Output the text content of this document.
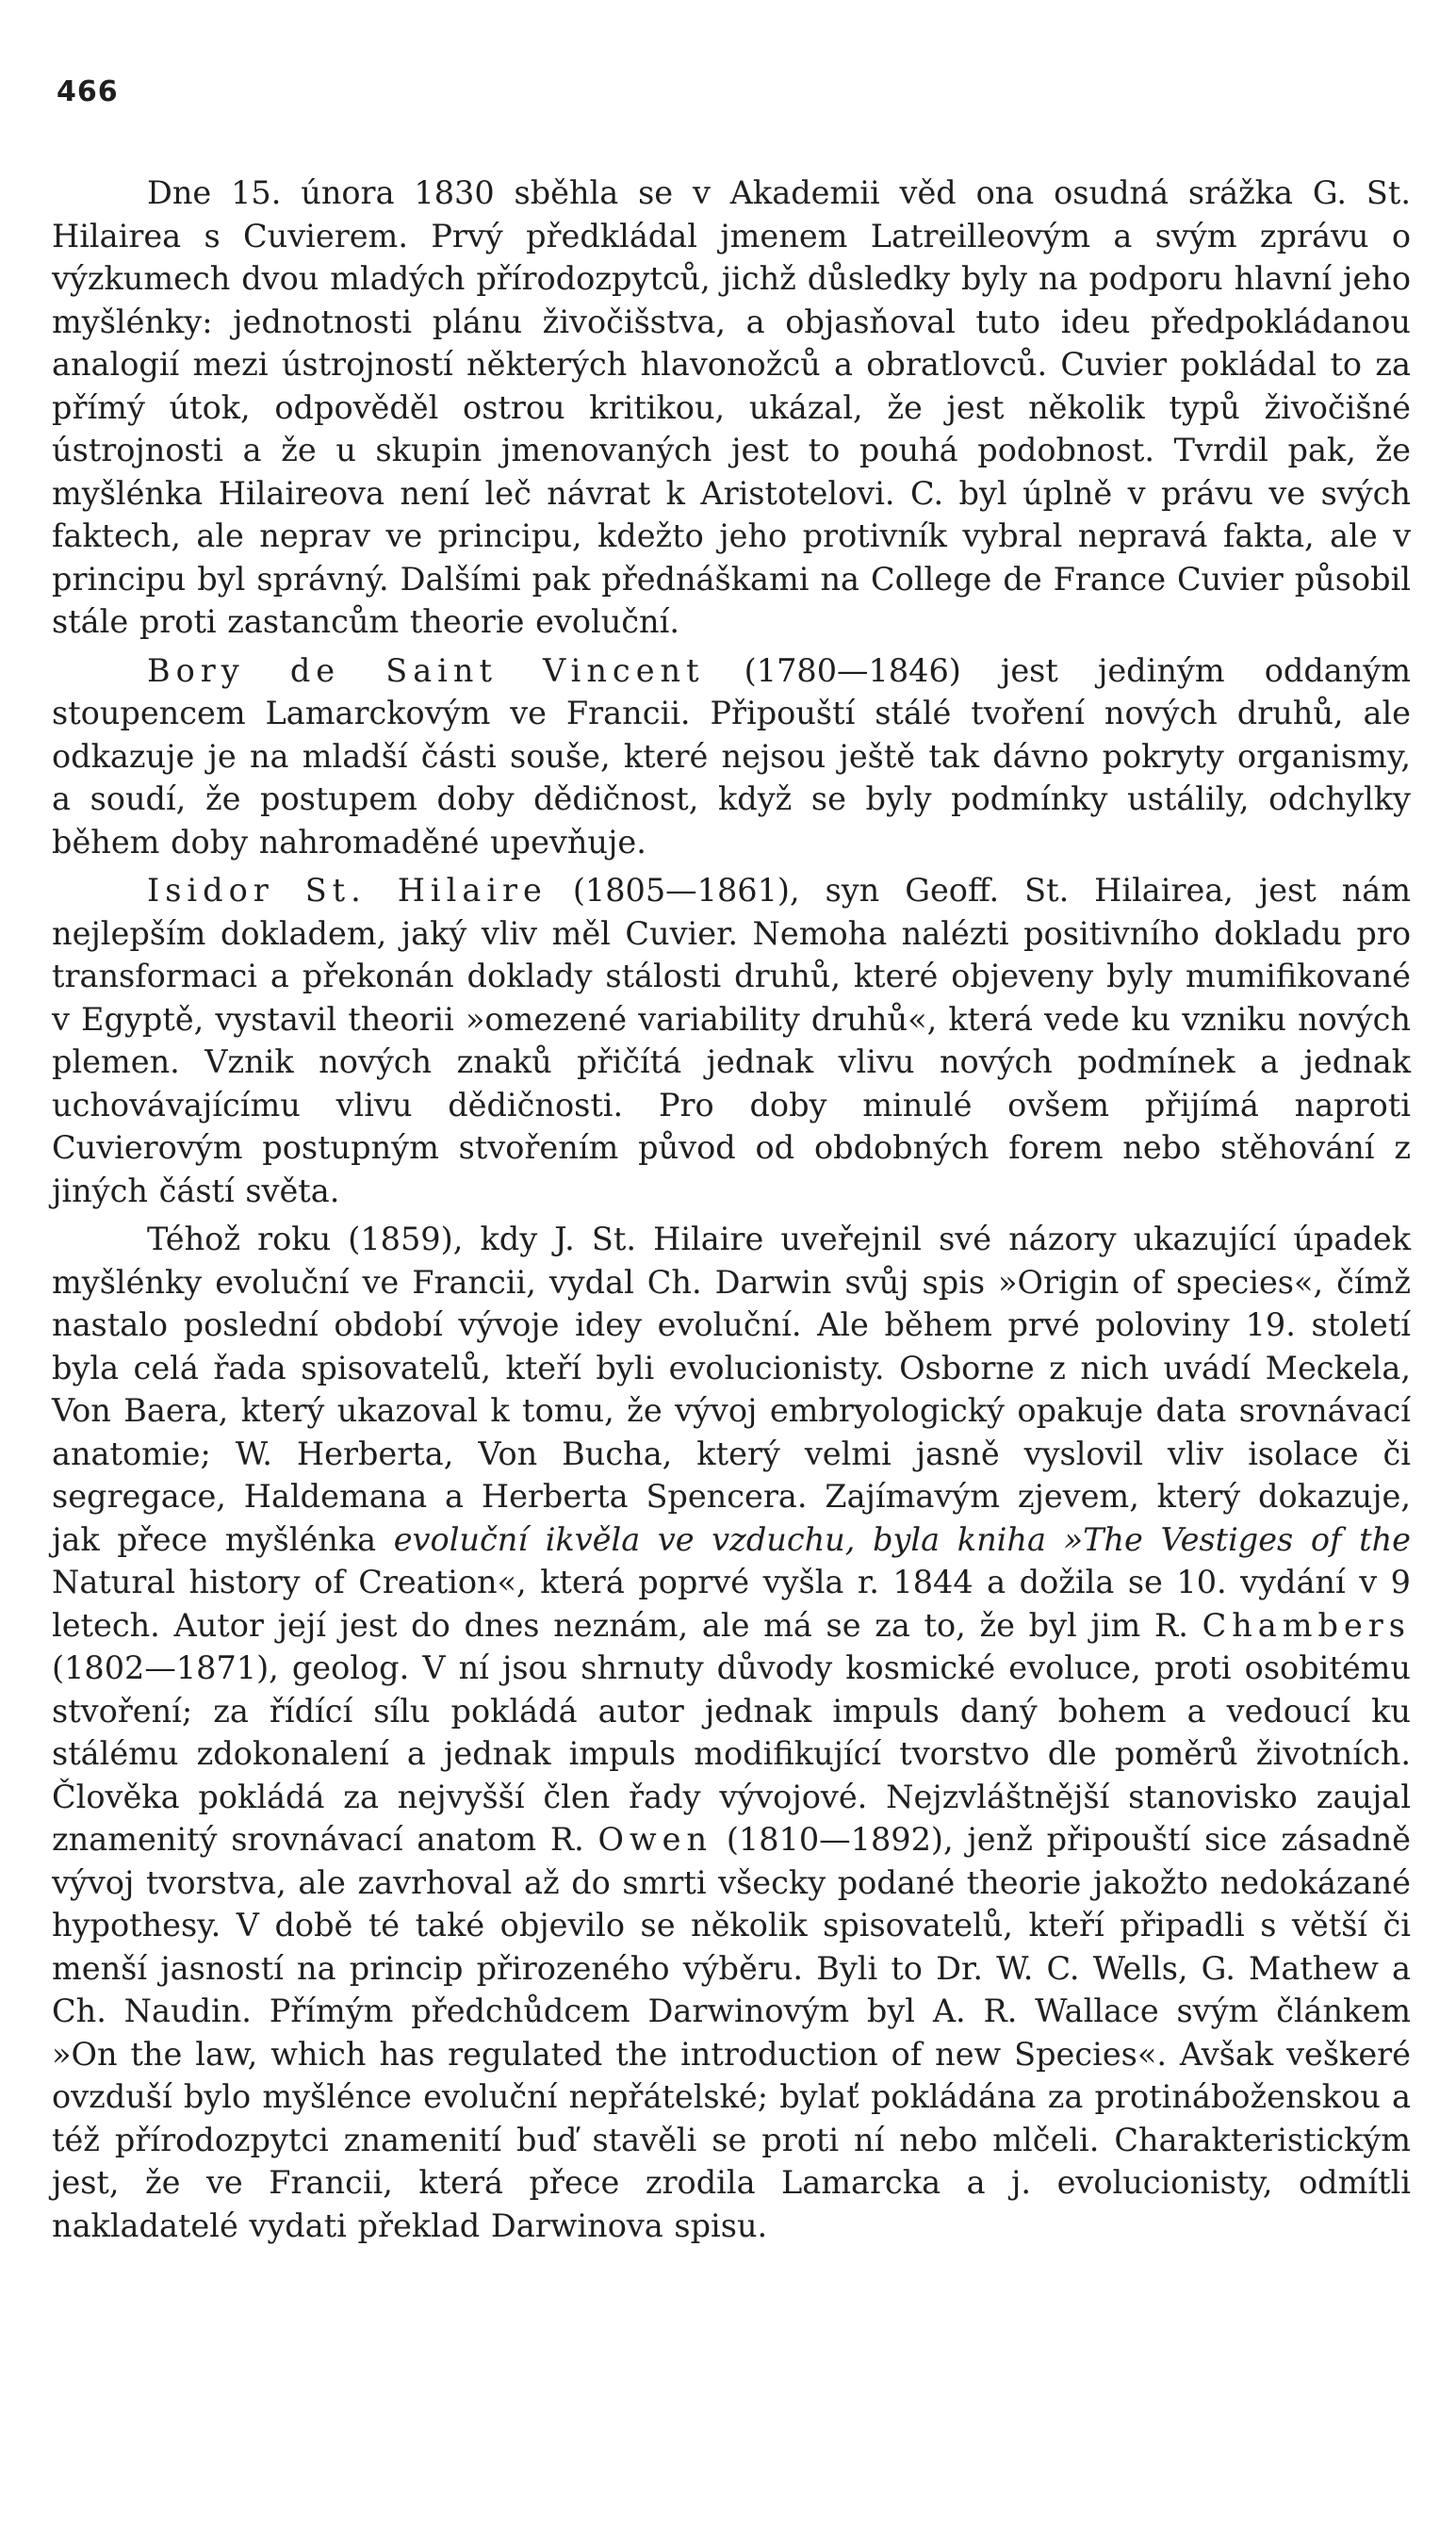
466

Dne 15. února 1830 sběhla se v Akademii věd ona osudná srážka G. St. Hilairea s Cuvierem. Prvý předkládal jmenem Latreilleovým a svým zprávu o výzkumech dvou mladých přírodozpytců, jichž důsledky byly na podporu hlavní jeho myšlénky: jednotnosti plánu živočišstva, a objasňoval tuto ideu předpokládanou analogií mezi ústrojností některých hlavonožců a obratlovců. Cuvier pokládal to za přímý útok, odpověděl ostrou kritikou, ukázal, že jest několik typů živočišné ústrojnosti a že u skupin jmenovaných jest to pouhá podobnost. Tvrdil pak, že myšlénka Hilaireova není leč návrat k Aristotelovi. C. byl úplně v právu ve svých faktech, ale neprav ve principu, kdežto jeho protivník vybral nepravá fakta, ale v principu byl správný. Dalšími pak přednáškami na College de France Cuvier působil stále proti zastancům theorie evoluční.

Bory de Saint Vincent (1780—1846) jest jediným oddaným stoupencem Lamarckovým ve Francii. Připouští stálé tvoření nových druhů, ale odkazuje je na mladší části souše, které nejsou ještě tak dávno pokryty organismy, a soudí, že postupem doby dědičnost, když se byly podmínky ustálily, odchylky během doby nahromaděné upevňuje.

Isidor St. Hilaire (1805—1861), syn Geoff. St. Hilairea, jest nám nejlepším dokladem, jaký vliv měl Cuvier. Nemoha nalézti positivního dokladu pro transformaci a překonán doklady stálosti druhů, které objeveny byly mumifikované v Egyptě, vystavil theorii »omezené variability druhů«, která vede ku vzniku nových plemen. Vznik nových znaků přičítá jednak vlivu nových podmínek a jednak uchovávajícímu vlivu dědičnosti. Pro doby minulé ovšem přijímá naproti Cuvierovým postupným stvořením původ od obdobných forem nebo stěhování z jiných částí světa.

Téhož roku (1859), kdy J. St. Hilaire uveřejnil své názory ukazující úpadek myšlénky evoluční ve Francii, vydal Ch. Darwin svůj spis »Origin of species«, čímž nastalo poslední období vývoje idey evoluční. Ale během prvé poloviny 19. století byla celá řada spisovatelů, kteří byli evolucionisty. Osborne z nich uvádí Meckela, Von Baera, který ukazoval k tomu, že vývoj embryologický opakuje data srovnávací anatomie; W. Herberta, Von Bucha, který velmi jasně vyslovil vliv isolace či segregace, Haldemana a Herberta Spencera. Zajímavým zjevem, který dokazuje, jak přece myšlénka evoluční ikvěla ve vzduchu, byla kniha »The Vestiges of the Natural history of Creation«, která poprvé vyšla r. 1844 a dožila se 10. vydání v 9 letech. Autor její jest do dnes neznám, ale má se za to, že byl jim R. Chambers (1802—1871), geolog. V ní jsou shrnuty důvody kosmické evoluce, proti osobitému stvoření; za řídící sílu pokládá autor jednak impuls daný bohem a vedoucí ku stálému zdokonalení a jednak impuls modifikující tvorstvo dle poměrů životních. Člověka pokládá za nejvyšší člen řady vývojové. Nejzvláštnější stanovisko zaujal znamenitý srovnávací anatom R. Owen (1810—1892), jenž připouští sice zásadně vývoj tvorstva, ale zavrhoval až do smrti všecky podané theorie jakožto nedokázané hypothesy. V době té také objevilo se několik spisovatelů, kteří připadli s větší či menší jasností na princip přirozeného výběru. Byli to Dr. W. C. Wells, G. Mathew a Ch. Naudin. Přímým předchůdcem Darwinovým byl A. R. Wallace svým článkem »On the law, which has regulated the introduction of new Species«. Avšak veškeré ovzduší bylo myšlénce evoluční nepřátelské; bylať pokládána za protináboženskou a též přírodozpytci znamenití buď stavěli se proti ní nebo mlčeli. Charakteristickým jest, že ve Francii, která přece zrodila Lamarcka a j. evolucionisty, odmítli nakladatelé vydati překlad Darwinova spisu.
